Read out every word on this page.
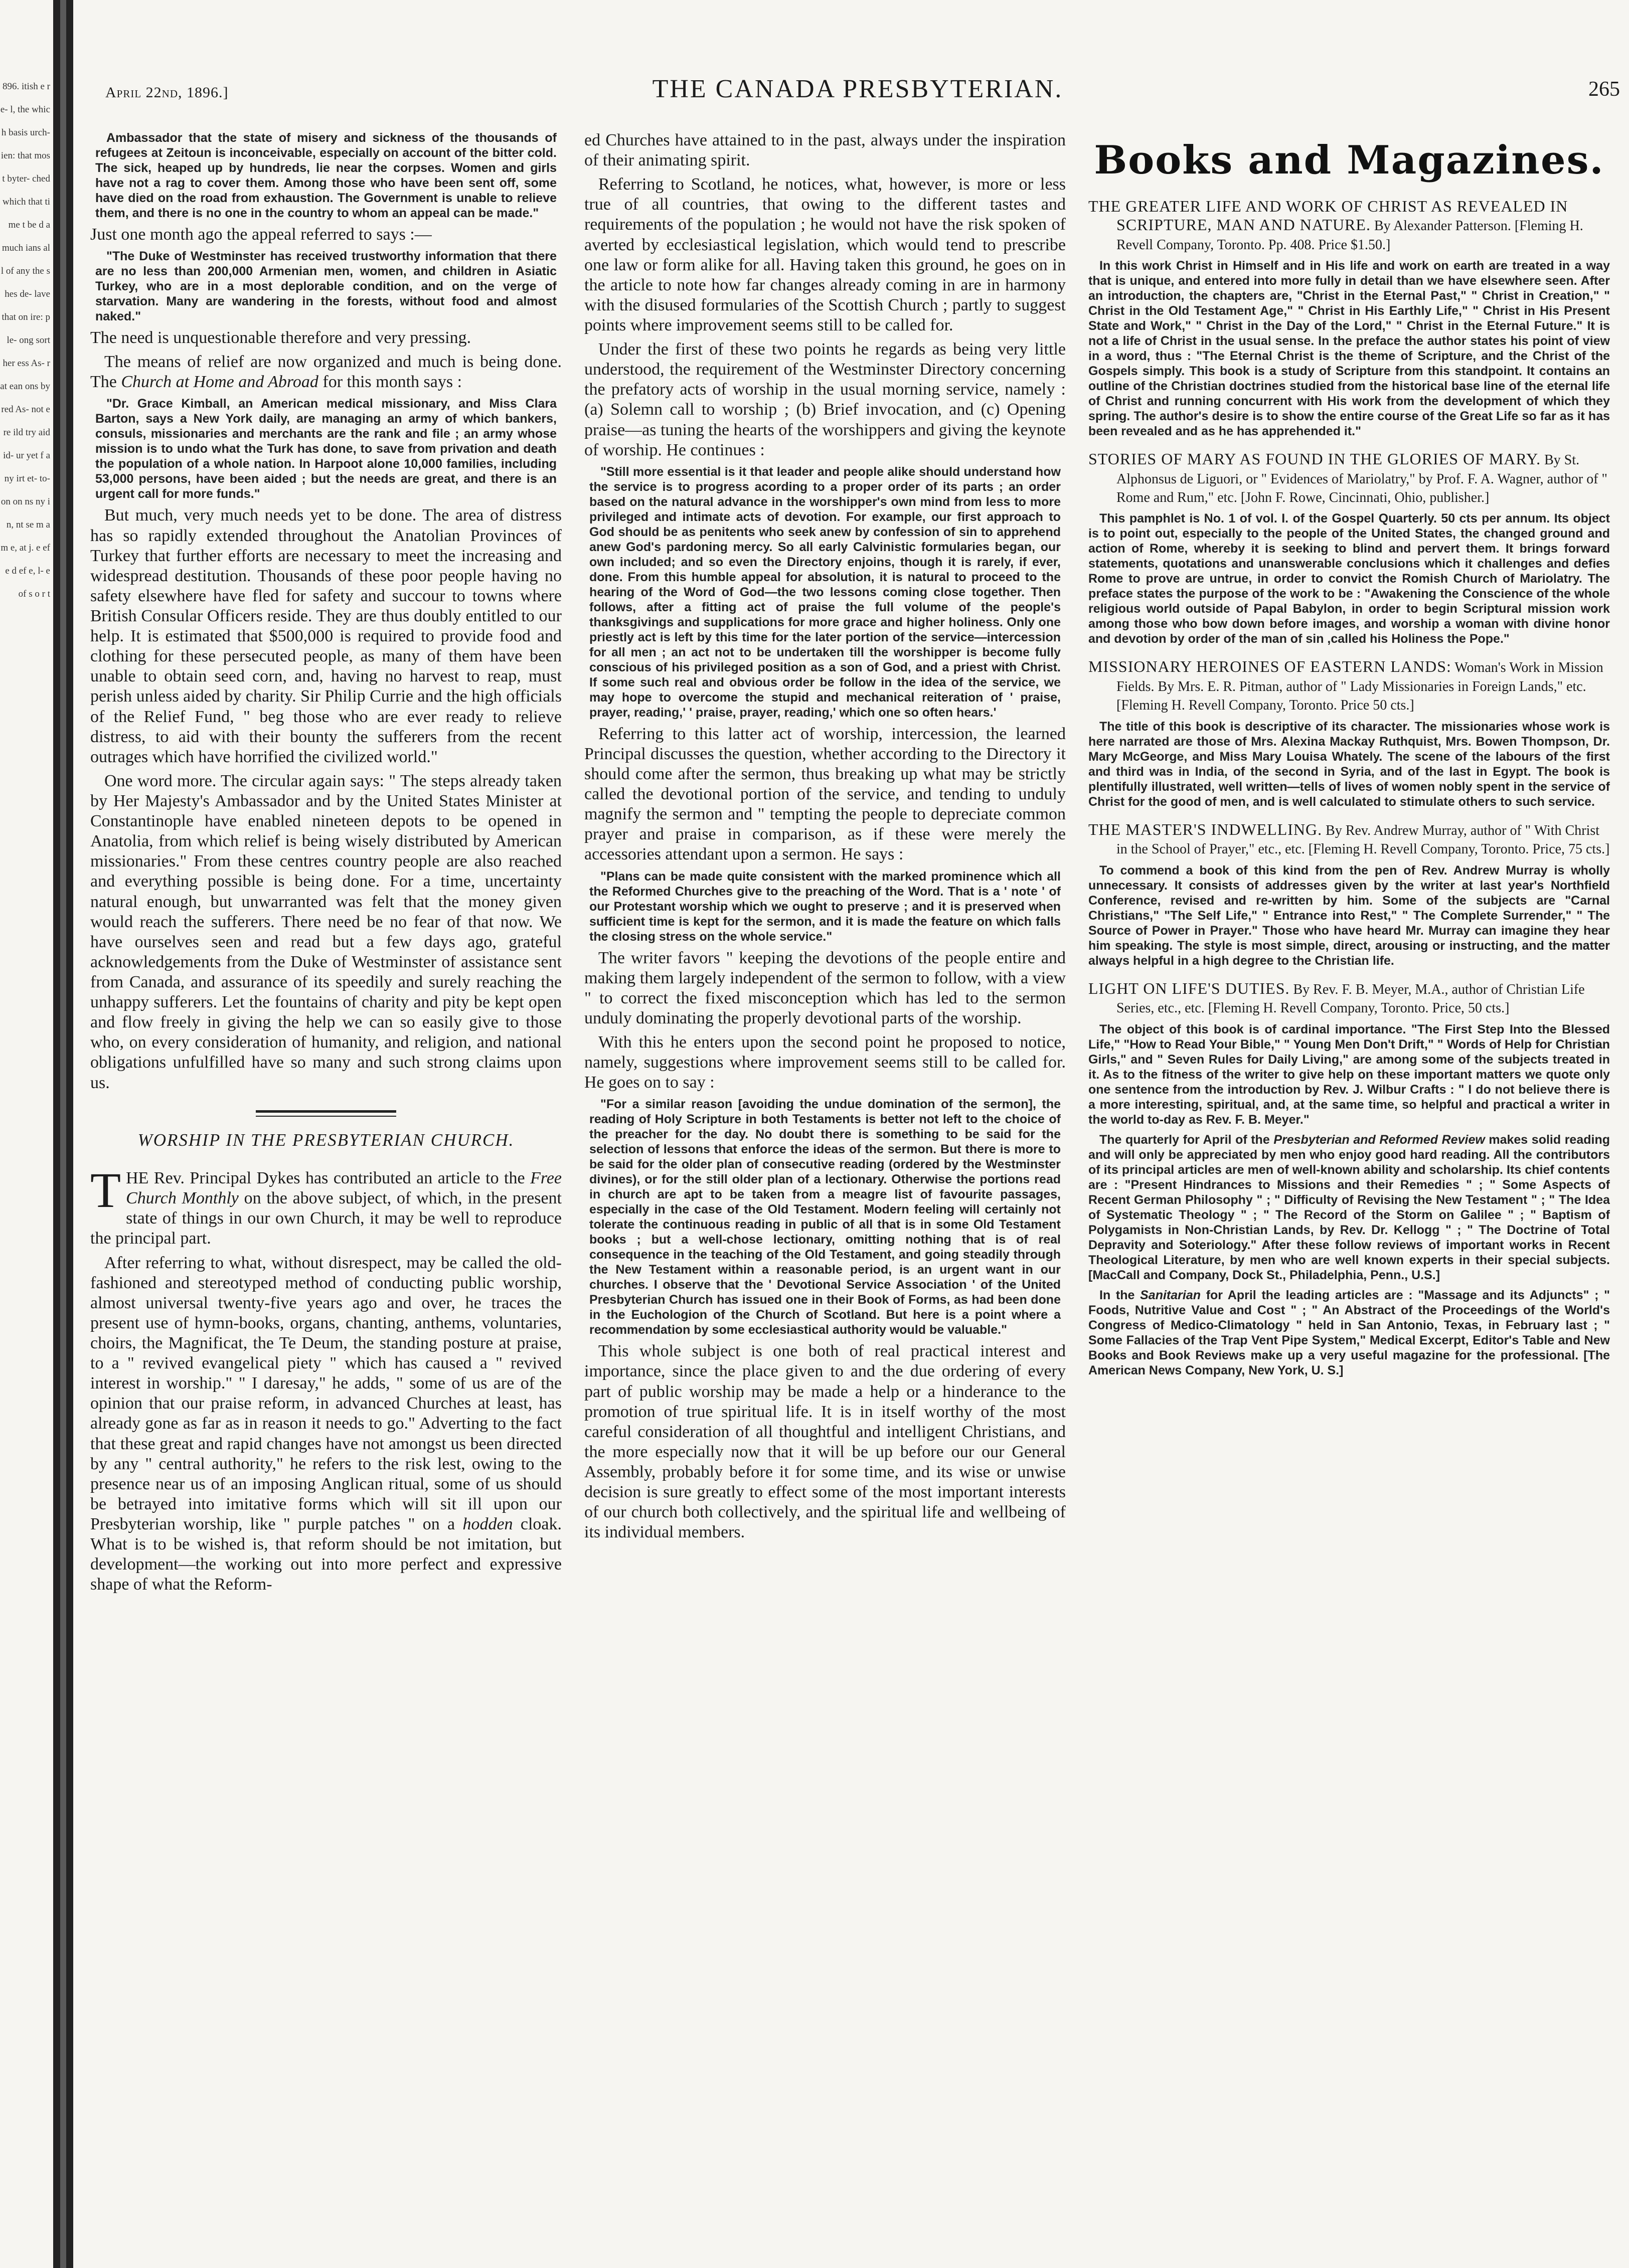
896. itish e re- l, the which basis urch- ien: that most byter- ched which that time t be d a much ians all of any the shes de- lave that on ire: ple- ong sort her ess As- rat ean ons by red As- not ere ild try aid id- ur yet f a ny irt et- to- on on ns ny in, nt se m a m e, at j. e ef e d ef e, l- e of s o r t
April 22nd, 1896.]	THE CANADA PRESBYTERIAN.	265

Ambassador that the state of misery and sickness of the thousands of refugees at Zeitoun is inconceivable, especially on account of the bitter cold. The sick, heaped up by hundreds, lie near the corpses. Women and girls have not a rag to cover them. Among those who have been sent off, some have died on the road from exhaustion. The Government is unable to relieve them, and there is no one in the country to whom an appeal can be made."

Just one month ago the appeal referred to says :—

"The Duke of Westminster has received trustworthy information that there are no less than 200,000 Armenian men, women, and children in Asiatic Turkey, who are in a most deplorable condition, and on the verge of starvation. Many are wandering in the forests, without food and almost naked."

The need is unquestionable therefore and very pressing.

The means of relief are now organized and much is being done. The Church at Home and Abroad for this month says :

"Dr. Grace Kimball, an American medical missionary, and Miss Clara Barton, says a New York daily, are managing an army of which bankers, consuls, missionaries and merchants are the rank and file ; an army whose mission is to undo what the Turk has done, to save from privation and death the population of a whole nation. In Harpoot alone 10,000 families, including 53,000 persons, have been aided ; but the needs are great, and there is an urgent call for more funds."

But much, very much needs yet to be done. The area of distress has so rapidly extended throughout the Anatolian Provinces of Turkey that further efforts are necessary to meet the increasing and widespread destitution. Thousands of these poor people having no safety elsewhere have fled for safety and succour to towns where British Consular Officers reside. They are thus doubly entitled to our help. It is estimated that $500,000 is required to provide food and clothing for these persecuted people, as many of them have been unable to obtain seed corn, and, having no harvest to reap, must perish unless aided by charity. Sir Philip Currie and the high officials of the Relief Fund, " beg those who are ever ready to relieve distress, to aid with their bounty the sufferers from the recent outrages which have horrified the civilized world."

One word more. The circular again says: " The steps already taken by Her Majesty's Ambassador and by the United States Minister at Constantinople have enabled nineteen depots to be opened in Anatolia, from which relief is being wisely distributed by American missionaries." From these centres country people are also reached and everything possible is being done. For a time, uncertainty natural enough, but unwarranted was felt that the money given would reach the sufferers. There need be no fear of that now. We have ourselves seen and read but a few days ago, grateful acknowledgements from the Duke of Westminster of assistance sent from Canada, and assurance of its speedily and surely reaching the unhappy sufferers. Let the fountains of charity and pity be kept open and flow freely in giving the help we can so easily give to those who, on every consideration of humanity, and religion, and national obligations unfulfilled have so many and such strong claims upon us.

WORSHIP IN THE PRESBYTERIAN CHURCH.

THE Rev. Principal Dykes has contributed an article to the Free Church Monthly on the above subject, of which, in the present state of things in our own Church, it may be well to reproduce the principal part.

After referring to what, without disrespect, may be called the old-fashioned and stereotyped method of conducting public worship, almost universal twenty-five years ago and over, he traces the present use of hymn-books, organs, chanting, anthems, voluntaries, choirs, the Magnificat, the Te Deum, the standing posture at praise, to a " revived evangelical piety " which has caused a " revived interest in worship." " I daresay," he adds, " some of us are of the opinion that our praise reform, in advanced Churches at least, has already gone as far as in reason it needs to go." Adverting to the fact that these great and rapid changes have not amongst us been directed by any " central authority," he refers to the risk lest, owing to the presence near us of an imposing Anglican ritual, some of us should be betrayed into imitative forms which will sit ill upon our Presbyterian worship, like " purple patches " on a hodden cloak. What is to be wished is, that reform should be not imitation, but development—the working out into more perfect and expressive shape of what the Reform-

ed Churches have attained to in the past, always under the inspiration of their animating spirit.

Referring to Scotland, he notices, what, however, is more or less true of all countries, that owing to the different tastes and requirements of the population ; he would not have the risk spoken of averted by ecclesiastical legislation, which would tend to prescribe one law or form alike for all. Having taken this ground, he goes on in the article to note how far changes already coming in are in harmony with the disused formularies of the Scottish Church ; partly to suggest points where improvement seems still to be called for.

Under the first of these two points he regards as being very little understood, the requirement of the Westminster Directory concerning the prefatory acts of worship in the usual morning service, namely : (a) Solemn call to worship ; (b) Brief invocation, and (c) Opening praise—as tuning the hearts of the worshippers and giving the keynote of worship. He continues :

"Still more essential is it that leader and people alike should understand how the service is to progress acording to a proper order of its parts ; an order based on the natural advance in the worshipper's own mind from less to more privileged and intimate acts of devotion. For example, our first approach to God should be as penitents who seek anew by confession of sin to apprehend anew God's pardoning mercy. So all early Calvinistic formularies began, our own included; and so even the Directory enjoins, though it is rarely, if ever, done. From this humble appeal for absolution, it is natural to proceed to the hearing of the Word of God—the two lessons coming close together. Then follows, after a fitting act of praise the full volume of the people's thanksgivings and supplications for more grace and higher holiness. Only one priestly act is left by this time for the later portion of the service—intercession for all men ; an act not to be undertaken till the worshipper is become fully conscious of his privileged position as a son of God, and a priest with Christ. If some such real and obvious order be follow in the idea of the service, we may hope to overcome the stupid and mechanical reiteration of ' praise, prayer, reading,' ' praise, prayer, reading,' which one so often hears.'

Referring to this latter act of worship, intercession, the learned Principal discusses the question, whether according to the Directory it should come after the sermon, thus breaking up what may be strictly called the devotional portion of the service, and tending to unduly magnify the sermon and " tempting the people to depreciate common prayer and praise in comparison, as if these were merely the accessories attendant upon a sermon. He says :

"Plans can be made quite consistent with the marked prominence which all the Reformed Churches give to the preaching of the Word. That is a ' note ' of our Protestant worship which we ought to preserve ; and it is preserved when sufficient time is kept for the sermon, and it is made the feature on which falls the closing stress on the whole service."

The writer favors " keeping the devotions of the people entire and making them largely independent of the sermon to follow, with a view " to correct the fixed misconception which has led to the sermon unduly dominating the properly devotional parts of the worship.

With this he enters upon the second point he proposed to notice, namely, suggestions where improvement seems still to be called for. He goes on to say :

"For a similar reason [avoiding the undue domination of the sermon], the reading of Holy Scripture in both Testaments is better not left to the choice of the preacher for the day. No doubt there is something to be said for the selection of lessons that enforce the ideas of the sermon. But there is more to be said for the older plan of consecutive reading (ordered by the Westminster divines), or for the still older plan of a lectionary. Otherwise the portions read in church are apt to be taken from a meagre list of favourite passages, especially in the case of the Old Testament. Modern feeling will certainly not tolerate the continuous reading in public of all that is in some Old Testament books ; but a well-chose lectionary, omitting nothing that is of real consequence in the teaching of the Old Testament, and going steadily through the New Testament within a reasonable period, is an urgent want in our churches. I observe that the ' Devotional Service Association ' of the United Presbyterian Church has issued one in their Book of Forms, as had been done in the Euchologion of the Church of Scotland. But here is a point where a recommendation by some ecclesiastical authority would be valuable."

This whole subject is one both of real practical interest and importance, since the place given to and the due ordering of every part of public worship may be made a help or a hinderance to the promotion of true spiritual life. It is in itself worthy of the most careful consideration of all thoughtful and intelligent Christians, and the more especially now that it will be up before our our General Assembly, probably before it for some time, and its wise or unwise decision is sure greatly to effect some of the most important interests of our church both collectively, and the spiritual life and wellbeing of its individual members.

Books and Magazines.
THE GREATER LIFE AND WORK OF CHRIST AS REVEALED IN SCRIPTURE, MAN AND NATURE. By Alexander Patterson. [Fleming H. Revell Company, Toronto. Pp. 408. Price $1.50.]

In this work Christ in Himself and in His life and work on earth are treated in a way that is unique, and entered into more fully in detail than we have elsewhere seen. After an introduction, the chapters are, "Christ in the Eternal Past," " Christ in Creation," " Christ in the Old Testament Age," " Christ in His Earthly Life," " Christ in His Present State and Work," " Christ in the Day of the Lord," " Christ in the Eternal Future." It is not a life of Christ in the usual sense. In the preface the author states his point of view in a word, thus : "The Eternal Christ is the theme of Scripture, and the Christ of the Gospels simply. This book is a study of Scripture from this standpoint. It contains an outline of the Christian doctrines studied from the historical base line of the eternal life of Christ and running concurrent with His work from the development of which they spring. The author's desire is to show the entire course of the Great Life so far as it has been revealed and as he has apprehended it."

STORIES OF MARY AS FOUND IN THE GLORIES OF MARY. By St. Alphonsus de Liguori, or " Evidences of Mariolatry," by Prof. F. A. Wagner, author of " Rome and Rum," etc. [John F. Rowe, Cincinnati, Ohio, publisher.]

This pamphlet is No. 1 of vol. I. of the Gospel Quarterly. 50 cts per annum. Its object is to point out, especially to the people of the United States, the changed ground and action of Rome, whereby it is seeking to blind and pervert them. It brings forward statements, quotations and unanswerable conclusions which it challenges and defies Rome to prove are untrue, in order to convict the Romish Church of Mariolatry. The preface states the purpose of the work to be : "Awakening the Conscience of the whole religious world outside of Papal Babylon, in order to begin Scriptural mission work among those who bow down before images, and worship a woman with divine honor and devotion by order of the man of sin ,called his Holiness the Pope."

MISSIONARY HEROINES OF EASTERN LANDS: Woman's Work in Mission Fields. By Mrs. E. R. Pitman, author of " Lady Missionaries in Foreign Lands," etc. [Fleming H. Revell Company, Toronto. Price 50 cts.]

The title of this book is descriptive of its character. The missionaries whose work is here narrated are those of Mrs. Alexina Mackay Ruthquist, Mrs. Bowen Thompson, Dr. Mary McGeorge, and Miss Mary Louisa Whately. The scene of the labours of the first and third was in India, of the second in Syria, and of the last in Egypt. The book is plentifully illustrated, well written—tells of lives of women nobly spent in the service of Christ for the good of men, and is well calculated to stimulate others to such service.

THE MASTER'S INDWELLING. By Rev. Andrew Murray, author of " With Christ in the School of Prayer," etc., etc. [Fleming H. Revell Company, Toronto. Price, 75 cts.]

To commend a book of this kind from the pen of Rev. Andrew Murray is wholly unnecessary. It consists of addresses given by the writer at last year's Northfield Conference, revised and re-written by him. Some of the subjects are "Carnal Christians," "The Self Life," " Entrance into Rest," " The Complete Surrender," " The Source of Power in Prayer." Those who have heard Mr. Murray can imagine they hear him speaking. The style is most simple, direct, arousing or instructing, and the matter always helpful in a high degree to the Christian life.

LIGHT ON LIFE'S DUTIES. By Rev. F. B. Meyer, M.A., author of Christian Life Series, etc., etc. [Fleming H. Revell Company, Toronto. Price, 50 cts.]

The object of this book is of cardinal importance. "The First Step Into the Blessed Life," "How to Read Your Bible," " Young Men Don't Drift," " Words of Help for Christian Girls," and " Seven Rules for Daily Living," are among some of the subjects treated in it. As to the fitness of the writer to give help on these important matters we quote only one sentence from the introduction by Rev. J. Wilbur Crafts : " I do not believe there is a more interesting, spiritual, and, at the same time, so helpful and practical a writer in the world to-day as Rev. F. B. Meyer."

The quarterly for April of the Presbyterian and Reformed Review makes solid reading and will only be appreciated by men who enjoy good hard reading. All the contributors of its principal articles are men of well-known ability and scholarship. Its chief contents are : "Present Hindrances to Missions and their Remedies " ; " Some Aspects of Recent German Philosophy " ; " Difficulty of Revising the New Testament " ; " The Idea of Systematic Theology " ; " The Record of the Storm on Galilee " ; " Baptism of Polygamists in Non-Christian Lands, by Rev. Dr. Kellogg " ; " The Doctrine of Total Depravity and Soteriology." After these follow reviews of important works in Recent Theological Literature, by men who are well known experts in their special subjects. [MacCall and Company, Dock St., Philadelphia, Penn., U.S.]

In the Sanitarian for April the leading articles are : "Massage and its Adjuncts" ; " Foods, Nutritive Value and Cost " ; " An Abstract of the Proceedings of the World's Congress of Medico-Climatology " held in San Antonio, Texas, in February last ; " Some Fallacies of the Trap Vent Pipe System," Medical Excerpt, Editor's Table and New Books and Book Reviews make up a very useful magazine for the professional. [The American News Company, New York, U. S.]
